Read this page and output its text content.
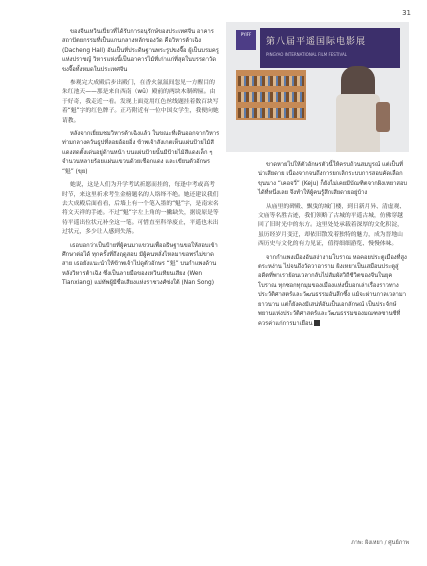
31

ของจีนเหวินเปี่ยวที่ได้รับการอนุรักษ์ของประเทศจีน อาคารสถาปัตยกรรมที่เป็นแกนกลางหลักของวัด คือวิหารต้าเฉิง (Dacheng Hall) อันเป็นที่ประดิษฐานพระรูปขงจื๊อ ผู้เป็นบรมครูแห่งปราชญ์ วิหารแห่งนี้เป็นอาคารไม้ที่เก่าแก่ที่สุดในบรรดาวัดขงจื๊อทั้งหมดในประเทศจีน

参观完大成殿后步出殿门，在香火氤氲间忽见一方醒目的朱红池天——那是来自西南（wū）殿前的两块木制碑匾。由于好奇，我走近一看。发现上面竟用红色丝线题挂着数百块写着“魁”字的红色牌子。正巧附近有一位中国女学生，我便向她请教。

หลังจากเยี่ยมชมวิหารต้าเฉิงแล้ว ในขณะที่เดินออกจากวิหาร ท่ามกลางควันธูปที่ลอยอ้อยอิ่ง ข้าพเจ้าสังเกตเห็นแผ่นป้ายไม้สีแดงสดตั้งเด่นอยู่ด้านหน้า บนแผ่นป้ายนั้นมีป้ายไม้สีแดงเล็ก ๆ จำนวนหลายร้อยแผ่นแขวนด้วยเชือกแดง และเขียนตัวอักษร “魁” (ขุย)

她说，这是人们为升学考试祈愿而挂的，每逢中考或高考时节，来这里祈求考生金榜题名的人络绎不绝。她还建议我们去大成殿后面看看，后墙上有一个笔入墨的“魁”字，是南宋名将文天祥的手迹。不过“魁”字左上角的一撇缺失，据说原是等待平遥出位状元补全这一笔。可惜直至科举废止，平遥也未出过状元，多少让人感到失落。

เธอบอกว่าเป็นป้ายที่ผู้คนมาแขวนเพื่ออธิษฐานขอให้สอบเข้าศึกษาต่อได้ ทุกครั้งที่ถึงฤดูสอบ มีผู้คนหลั่งไหลมาขอพรไม่ขาดสาย เธอยังแนะนำให้ข้าพเจ้าไปดูตัวอักษร “魁” บนกำแพงด้านหลังวิหารต้าเฉิง ซึ่งเป็นลายมือของเหวินเทียนเสียง (Wen Tianxiang) แม่ทัพผู้มีชื่อเสียงแห่งราชวงศ์ซ่งใต้ (Nan Song)

第八届平遥国际电影展
PINGYAO INTERNATIONAL FILM FESTIVAL
PYIFF

ขาดหายไปให้ตัวอักษรตัวนี้ให้ครบถ้วนสมบูรณ์ แต่เป็นที่น่าเสียดาย เนื่องจากจนถึงการยกเลิกระบบการสอบคัดเลือกขุนนาง “เคอจวี่” (Keju) ก็ยังไม่เคยมีบัณฑิตจากผิงเหยาสอบได้ที่หนึ่งเลย จึงทำให้ผู้คนรู้สึกเสียดายอยู่บ้าง

从庙里的碑殿、飘曳的城门楼，到日新月异、清虚观、文庙等名胜古迹，我们领略了古城的平遥古城，仿佛穿越回了旧时光中的东方。这里处处承载着深厚的文化积淀，虽历经岁月变迁，却依旧散发着独特的魅力，成为晋地山西历史与文化的有力见证，值得细细游览、慢慢体味。

จากกำแพงเมืองอันสง่างามโบราณ หอคอยประตูเมืองที่สูงตระหง่าน ไปจนถึงวัดวาอาราม ผิงเหยาเป็นเสมือนประตูสู่อดีตที่พาเราย้อนเวลากลับไปสัมผัสวิถีชีวิตของจีนในยุคโบราณ ทุกซอกทุกมุมของเมืองแห่งนี้บอกเล่าเรื่องราวทางประวัติศาสตร์และวัฒนธรรมอันลึกซึ้ง แม้จะผ่านกาลเวลามายาวนาน แต่ก็ยังคงมีเสน่ห์อันเป็นเอกลักษณ์ เป็นประจักษ์พยานแห่งประวัติศาสตร์และวัฒนธรรมของมณฑลซานซีที่ควรค่าแก่การมาเยือน

ภาพ: ผิงเหยา / ศูนย์ภาพ
